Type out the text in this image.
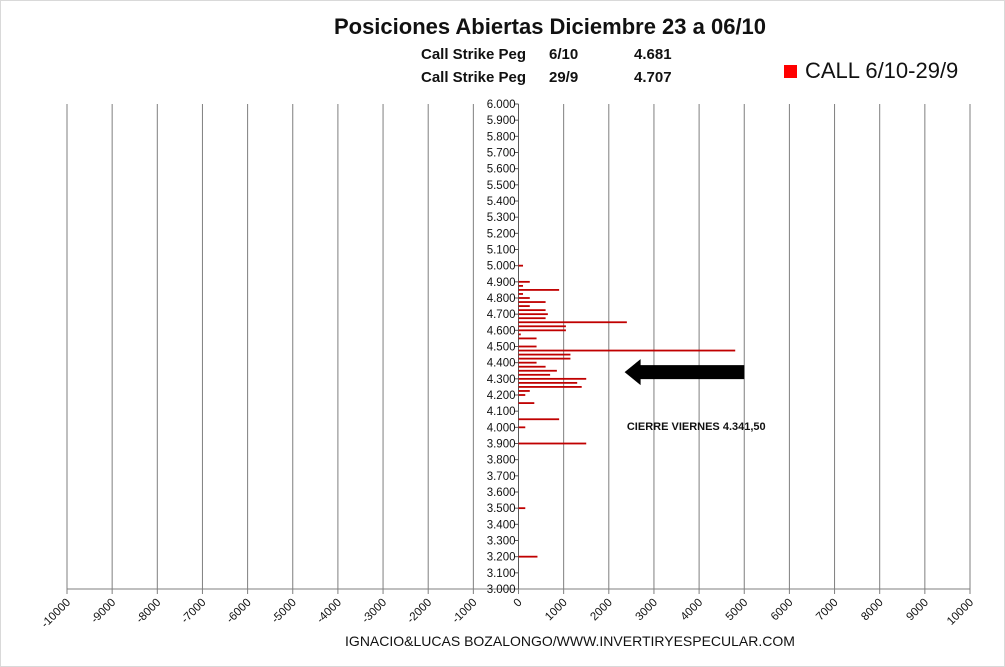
Posiciones Abiertas Diciembre 23 a 06/10
Call Strike Peg 6/10	4.681
Call Strike Peg 29/9	4.707	CALL 6/10-29/9
3.000
3.100
3.200
3.300
3.400
3.500
3.600
3.700
3.800
3.900
4.000
4.100
4.200
4.300
4.400
4.500
4.600
4.700
4.800
4.900
5.000
5.100
5.200
5.300
5.400
5.500
5.600
5.700
5.800
5.900
6.000
-10000 -9000 -8000 -7000 -6000 -5000 -4000 -3000 -2000 -1000	0 1000 2000 3000 4000 5000 6000 7000 8000 9000 10000
CIERRE VIERNES 4.341,50
IGNACIO&LUCAS BOZALONGO/WWW.INVERTIRYESPECULAR.COM
